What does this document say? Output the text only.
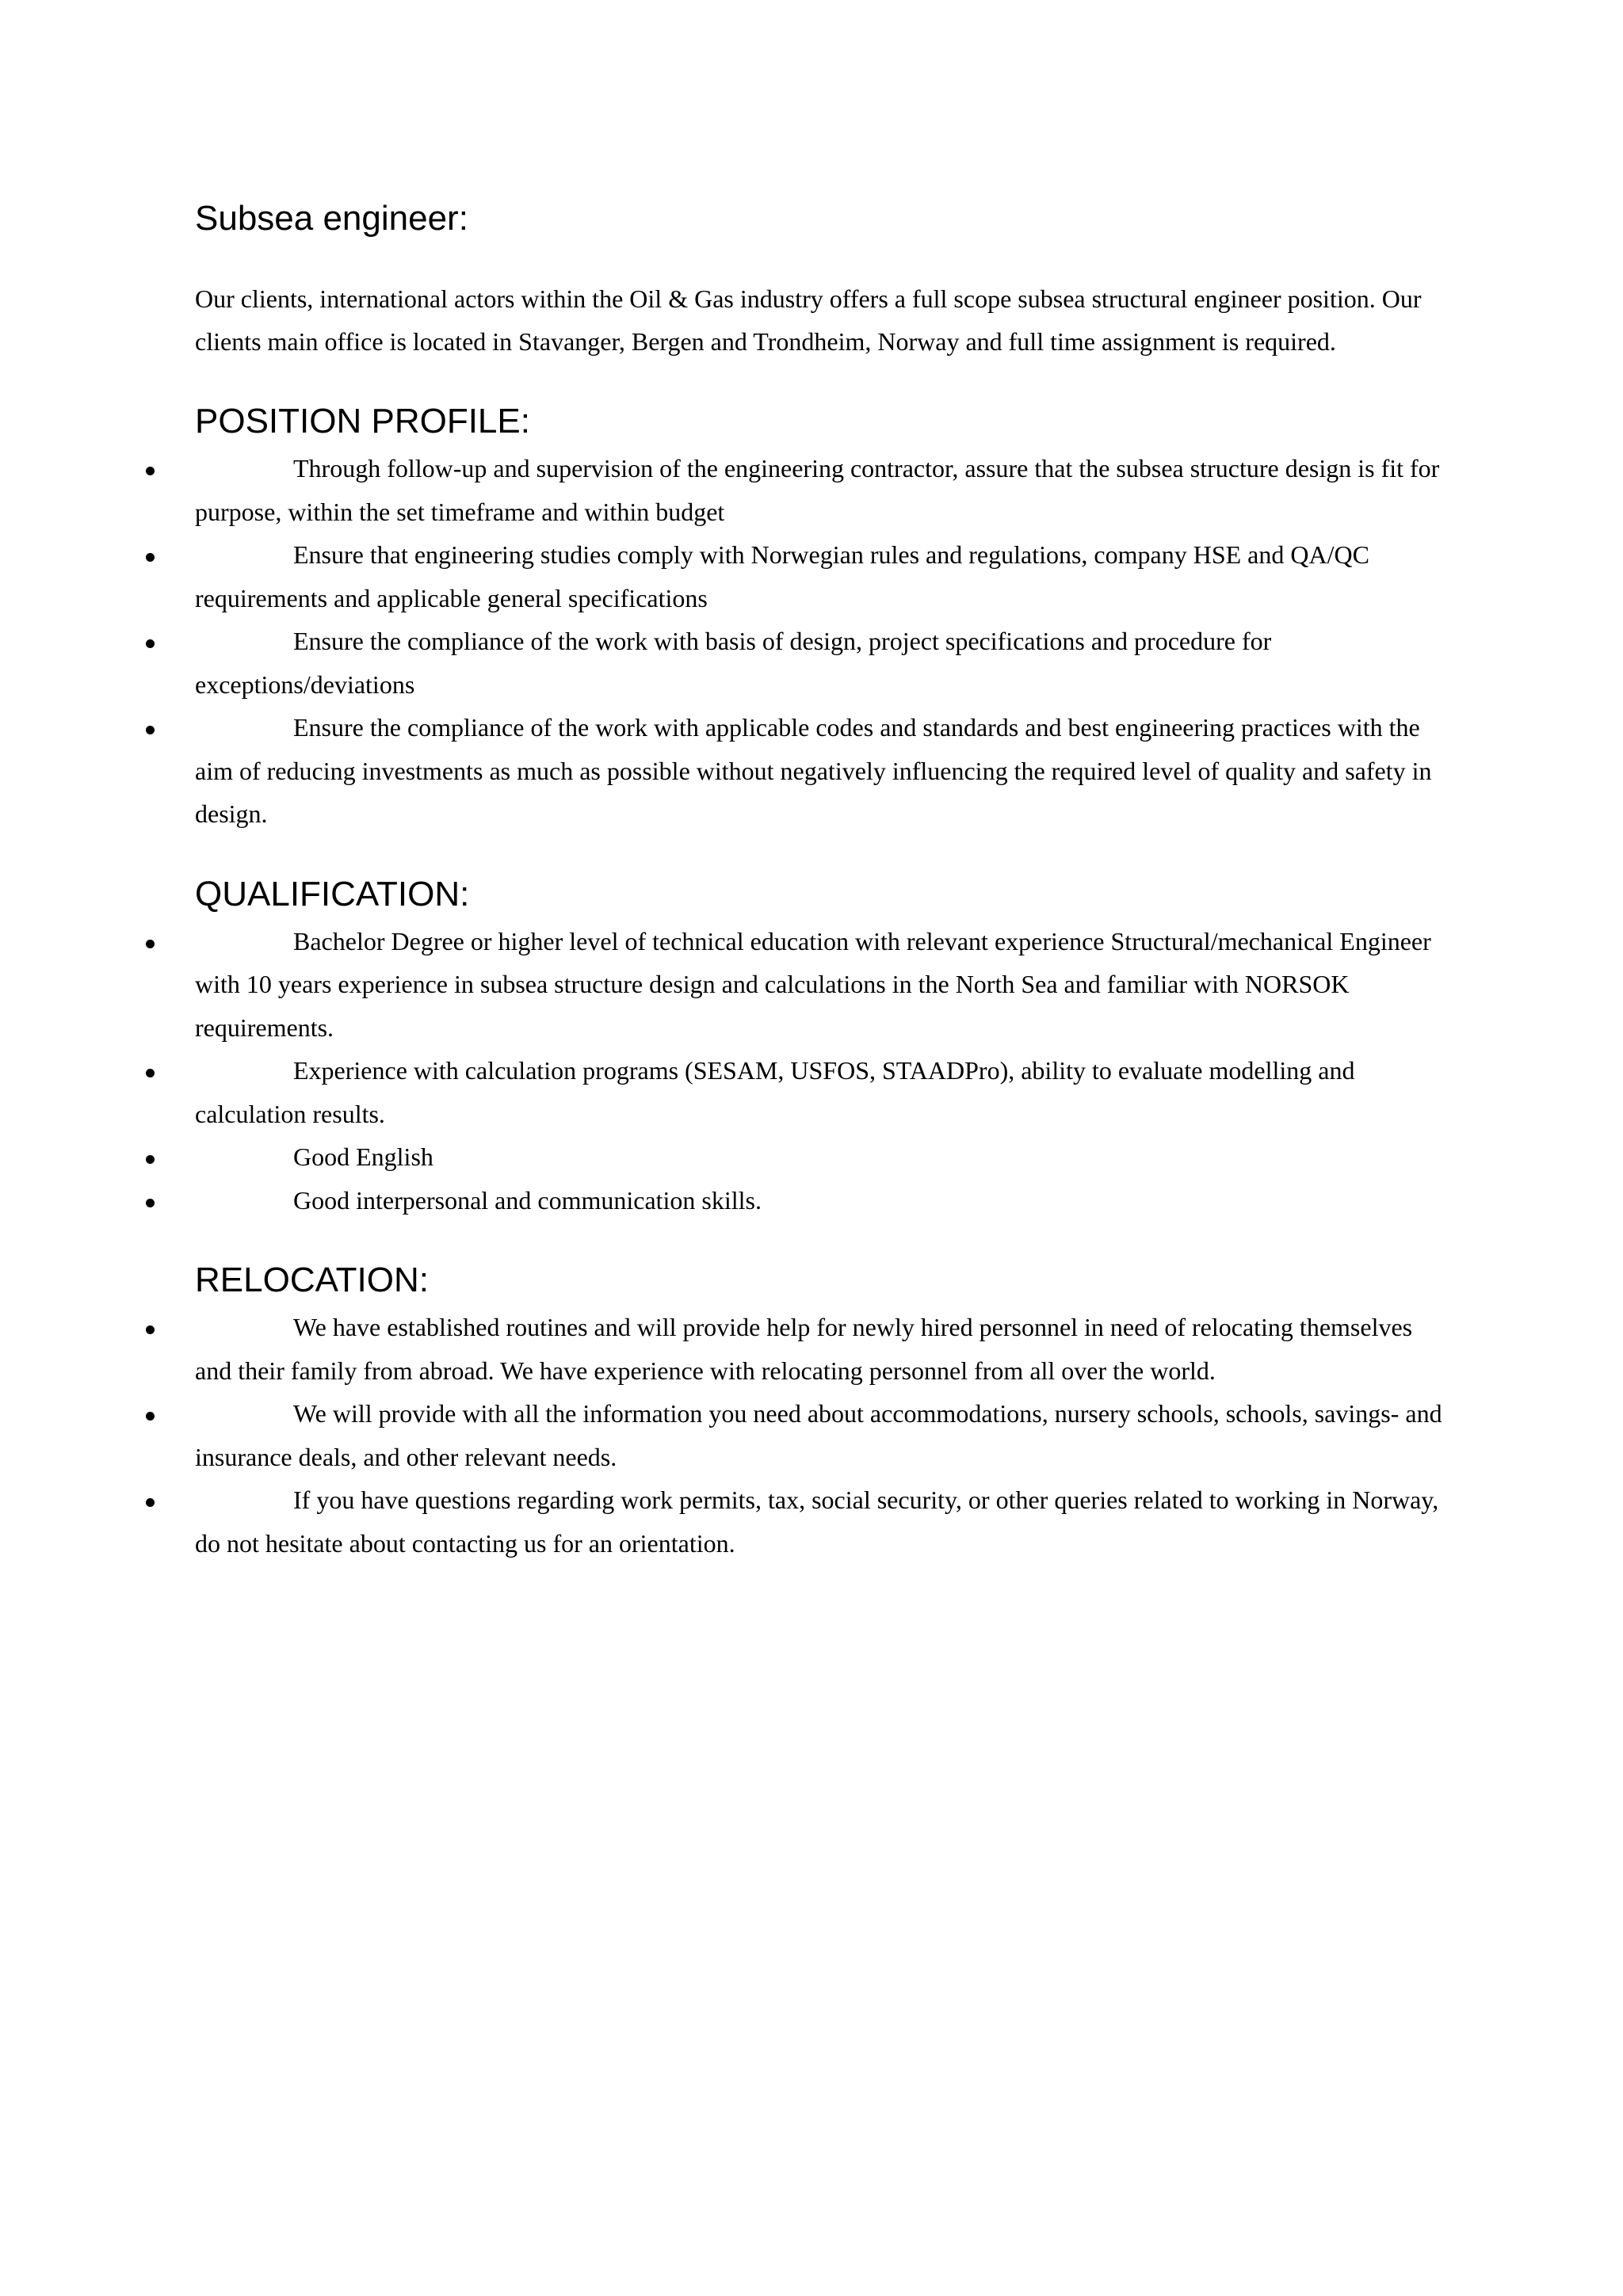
Subsea engineer:

Our clients, international actors within the Oil & Gas industry offers a full scope subsea structural engineer position. Our clients main office is located in Stavanger, Bergen and Trondheim, Norway and full time assignment is required.

POSITION PROFILE:
Through follow-up and supervision of the engineering contractor, assure that the subsea structure design is fit for purpose, within the set timeframe and within budget
Ensure that engineering studies comply with Norwegian rules and regulations, company HSE and QA/QC requirements and applicable general specifications
Ensure the compliance of the work with basis of design, project specifications and procedure for exceptions/deviations
Ensure the compliance of the work with applicable codes and standards and best engineering practices with the aim of reducing investments as much as possible without negatively influencing the required level of quality and safety in design.
QUALIFICATION:
Bachelor Degree or higher level of technical education with relevant experience Structural/mechanical Engineer with 10 years experience in subsea structure design and calculations in the North Sea and familiar with NORSOK requirements.
Experience with calculation programs (SESAM, USFOS, STAADPro), ability to evaluate modelling and calculation results.
Good English
Good interpersonal and communication skills.
RELOCATION:
We have established routines and will provide help for newly hired personnel in need of relocating themselves and their family from abroad. We have experience with relocating personnel from all over the world.
We will provide with all the information you need about accommodations, nursery schools, schools, savings- and insurance deals, and other relevant needs.
If you have questions regarding work permits, tax, social security, or other queries related to working in Norway, do not hesitate about contacting us for an orientation.
